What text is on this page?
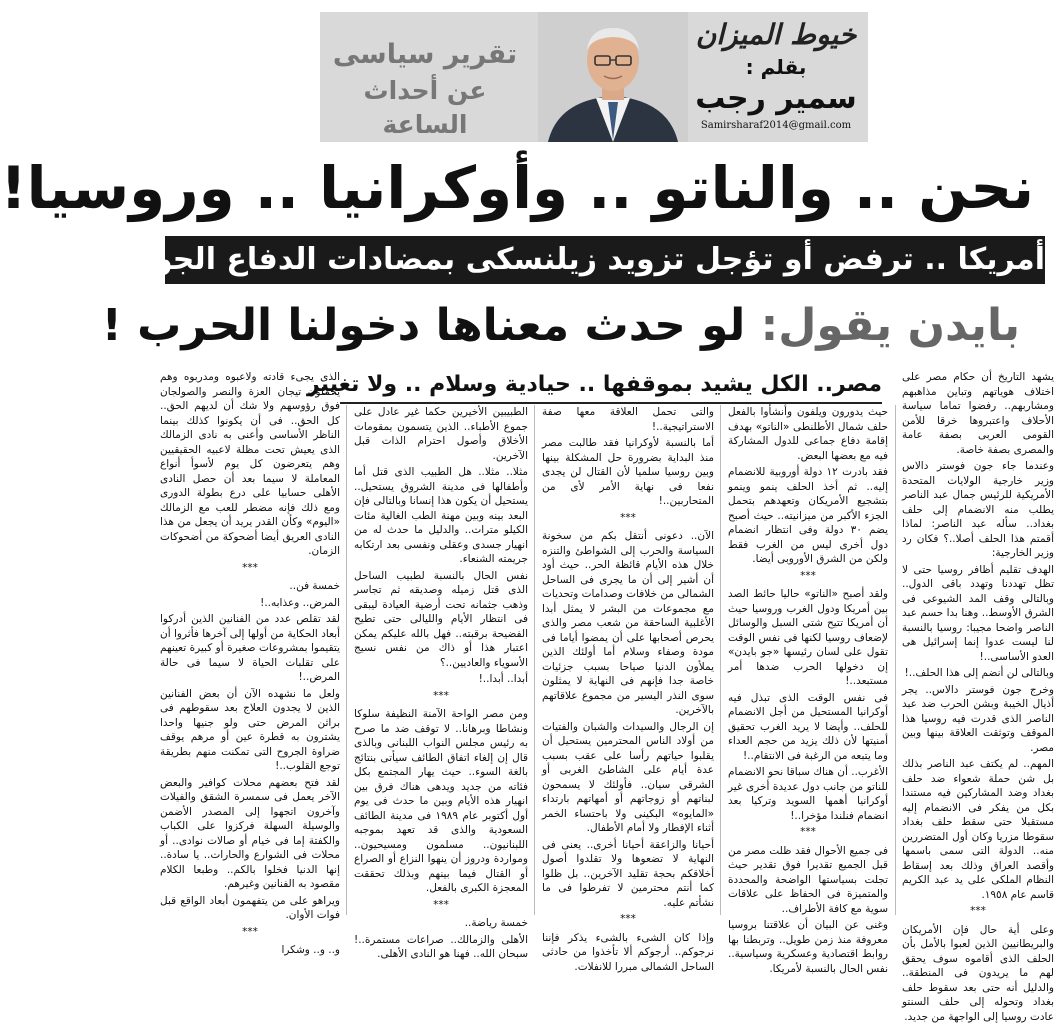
خيوط الميزان
بقلم :
سمير رجب
Samirsharaf2014@gmail.com
تقرير سياسى
عن أحداث الساعة
نحن .. والناتو .. وأوكرانيا .. وروسيا!
أمريكا .. ترفض أو تؤجل تزويد زيلنسكى بمضادات الدفاع الجوى
بايدن يقول: لو حدث معناها دخولنا الحرب !
مصر.. الكل يشيد بموقفها .. حيادية وسلام .. ولا تغيير يشهد التاريخ أن حكام مصر على اختلاف هوياتهم وتباين مذاهبهم ومشاربهم.. رفضوا تماما سياسة الأحلاف واعتبروها خرقا للأمن القومى العربى بصفة عامة والمصرى بصفة خاصة.

وعندما جاء جون فوستر دالاس وزير خارجية الولايات المتحدة الأمريكية للرئيس جمال عبد الناصر يطلب منه الانضمام إلى حلف بغداد.. سأله عبد الناصر: لماذا أقمتم هذا الحلف أصلا..؟ فكان رد وزير الخارجية:

الهدف تقليم أظافر روسيا حتى لا تظل تهددنا وتهدد باقى الدول.. وبالتالى وقف المد الشيوعى فى الشرق الأوسط.. وهنا بدا حسم عبد الناصر واضحا مجيبا: روسيا بالنسبة لنا ليست عدوا إنما إسرائيل هى العدو الأساسى..!

وبالتالى لن أنضم إلى هذا الحلف..!

وخرج جون فوستر دالاس.. يجر أذيال الخيبة وبشن الحرب ضد عبد الناصر الذى قدرت فيه روسيا هذا الموقف وتوثقت العلاقة بينها وبين مصر.

المهم.. لم يكتف عبد الناصر بذلك بل شن حملة شعواء ضد حلف بغداد وضد المشاركين فيه مستندا بكل من يفكر فى الانضمام إليه مستقبلا حتى سقط حلف بغداد سقوطا مزريا وكان أول المتضررين منه.. الدولة التى سمى باسمها وأقصد العراق وذلك بعد إسقاط النظام الملكى على يد عبد الكريم قاسم عام ١٩٥٨.

***

وعلى أية حال فإن الأمريكان والبريطانيين الذين لعبوا بالأمل بأن الحلف الذى أقاموه سوف يحقق لهم ما يريدون فى المنطقة.. والدليل أنه حتى بعد سقوط حلف بغداد وتحوله إلى حلف السنتو عادت روسيا إلى الواجهة من جديد.

حيث يدورون ويلفون وأنشأوا بالفعل حلف شمال الأطلنطى «الناتو» بهدف إقامة دفاع جماعى للدول المشاركة فيه مع بعضها البعض.

فقد بادرت ١٢ دولة أوروبية للانضمام إليه.. ثم أخذ الحلف ينمو وينمو بتشجيع الأمريكان وتعهدهم بتحمل الجزء الأكبر من ميزانيته.. حيث أصبح يضم ٣٠ دولة وفى انتظار انضمام دول أخرى ليس من الغرب فقط ولكن من الشرق الأوروبى أيضا.

***

ولقد أصبح «الناتو» حاليا حائط الصد بين أمريكا ودول الغرب وروسيا حيث أن أمريكا تتيح شتى السبل والوسائل لإضعاف روسيا لكنها فى نفس الوقت تقول على لسان رئيسها «جو بايدن» إن دخولها الحرب ضدها أمر مستبعد..!

فى نفس الوقت الذى تبذل فيه أوكرانيا المستحيل من أجل الانضمام للحلف.. وأيضا لا يريد الغرب تحقيق أمنيتها لأن ذلك يزيد من حجم العداء وما يتبعه من الرغبة فى الانتقام..!

الأغرب.. أن هناك سباقا نحو الانضمام للناتو من جانب دول عديدة أخرى غير أوكرانيا أهمها السويد وتركيا بعد انضمام فنلندا مؤخرا..!

***

فى جميع الأحوال فقد ظلت مصر من قبل الجميع تقديرا فوق تقدير حيث تجلت بسياستها الواضحة والمحددة والمتميزة فى الحفاظ على علاقات سوية مع كافة الأطراف..

وغنى عن البيان أن علاقتنا بروسيا معروفة منذ زمن طويل.. وتربطنا بها روابط اقتصادية وعسكرية وسياسية.. نفس الحال بالنسبة لأمريكا.

والتى تحمل العلاقة معها صفة الاستراتيجية..!

أما بالنسبة لأوكرانيا فقد طالبت مصر منذ البداية بضرورة حل المشكلة بينها وبين روسيا سلميا لأن القتال لن يجدى نفعا فى نهاية الأمر لأى من المتحاربين..!

***

الآن.. دعونى أنتقل بكم من سخونة السياسة والحرب إلى الشواطئ والتنزه خلال هذه الأيام قائظة الحر.. حيث أود أن أشير إلى أن ما يجرى فى الساحل الشمالى من خلافات وصدامات وتحديات مع مجموعات من البشر لا يمثل أبدا الأغلبية الساحقة من شعب مصر والذى يحرص أصحابها على أن يمضوا أياما فى مودة وصفاء وسلام أما أولئك الذين يملأون الدنيا صياحا بسبب جزئيات خاصة جدا فإنهم فى النهاية لا يمثلون سوى النذر اليسير من مجموع علاقاتهم بالآخرين.

إن الرجال والسيدات والشبان والفتيات من أولاد الناس المحترمين يستحيل أن يقلبوا حياتهم رأسا على عقب بسبب عدة أيام على الشاطئ الغربى أو الشرقى سيان.. فأولئك لا يسمحون لبناتهم أو زوجاتهم أو أمهاتهم بارتداء «المايوه» البكينى ولا باحتساء الخمر أثناء الإفطار ولا أمام الأطفال.

أحيانا والزاعقة أحيانا أخرى.. يعنى فى النهاية لا تضعوها ولا تقلدوا أصول أخلاقكم بحجة تقليد الآخرين.. بل ظلوا كما أنتم محترمين لا تفرطوا فى ما نشأتم عليه.

***

وإذا كان الشىء بالشىء يذكر فإننا نرجوكم.. أرجوكم ألا تأخذوا من حادثى الساحل الشمالى مبررا للانفلات.

الطبيبين الأخيرين حكما غير عادل على جموع الأطباء.. الذين يتسمون بمقومات الأخلاق وأصول احترام الذات قبل الآخرين.

مثلا.. مثلا.. هل الطبيب الذى قتل أما وأطفالها فى مدينة الشروق يستحيل.. يستحيل أن يكون هذا إنسانا وبالتالى فإن البعد بينه وبين مهنة الطب الغالية مئات الكيلو مترات.. والدليل ما حدث له من انهيار جسدى وعقلى ونفسى بعد ارتكابه جريمته الشنعاء.

نفس الحال بالنسبة لطبيب الساحل الذى قتل زميله وصديقه ثم تجاسر وذهب جثمانه تحت أرضية العيادة ليبقى فى انتظار الأيام والليالى حتى تطيح الفضيحة برقبته.. فهل بالله عليكم يمكن اعتبار هذا أو ذاك من نفس نسيج الأسوياء والعاديين..؟

أبدا.. أبدا..!

***

ومن مصر الواحة الآمنة النظيفة سلوكا ونشاطا وبرهانا.. لا توقف ضد ما صرح به رئيس مجلس النواب اللبنانى وبالذى قال إن إلغاء اتفاق الطائف سيأتى بنتائج بالغة السوء.. حيث يهار المجتمع بكل فئاته من جديد ويدهى هناك فرق بين انهيار هذه الأيام وبين ما حدث فى يوم أول أكتوبر عام ١٩٨٩ فى مدينة الطائف السعودية والذى قد تعهد بموجبه اللبنانيون.. مسلمون ومسيحيون.. ومواردة ودروز أن ينهوا النزاع أو الصراع أو القتال فيما بينهم وبذلك تحققت المعجزة الكبرى بالفعل.

***

خمسة رياضة..

الأهلى والزمالك.. صراعات مستمرة..! سبحان الله.. فهنا هو النادى الأهلى.

الذى يجىء قادته ولاعبوه ومدربوه وهم يحملون تيجان العزة والنصر والصولجان فوق رؤوسهم ولا شك أن لديهم الحق.. كل الحق.. فى أن يكونوا كذلك بينما الناظر الأساسى وأعنى به نادى الزمالك الذى يعيش تحت مظلة لاعبيه الحقيقيين وهم يتعرضون كل يوم لأسوأ أنواع المعاملة لا سيما بعد أن حصل النادى الأهلى حسابيا على درع بطولة الدورى ومع ذلك فإنه مضطر للعب مع الزمالك «اليوم» وكأن القدر يريد أن يجعل من هذا النادى العريق أيضا أضحوكة من أضحوكات الزمان.

***

خمسة فن..

المرض.. وعذابه..!

لقد تقلص عدد من الفنانين الذين أدركوا أبعاد الحكاية من أولها إلى آخرها فأثروا أن يتقيموا بمشروعات صغيرة أو كبيرة تعينهم على تقلبات الحياة لا سيما فى حالة المرض..!

ولعل ما نشهده الآن أن بعض الفنانين الذين لا يجدون العلاج بعد سقوطهم فى براثن المرض حتى ولو جنيها واحدا يشترون به قطرة عين أو مرهم يوقف ضراوة الجروح التى تمكنت منهم بطريقة توجع القلوب..!

لقد فتح بعضهم محلات كوافير والبعض الآخر يعمل فى سمسرة الشقق والفيلات وآخرون اتجهوا إلى المصدر الأضمن والوسيلة السهلة فركزوا على الكباب والكفتة إما فى خيام أو صالات نوادى.. أو محلات فى الشوارع والحارات.. يا سادة.. إنها الدنيا فخلوا بالكم.. وطبعا الكلام مقصود به الفنانين وغيرهم.

ويراهو على من يتفهمون أبعاد الواقع قبل فوات الأوان.

***

و.. و.. وشكرا
